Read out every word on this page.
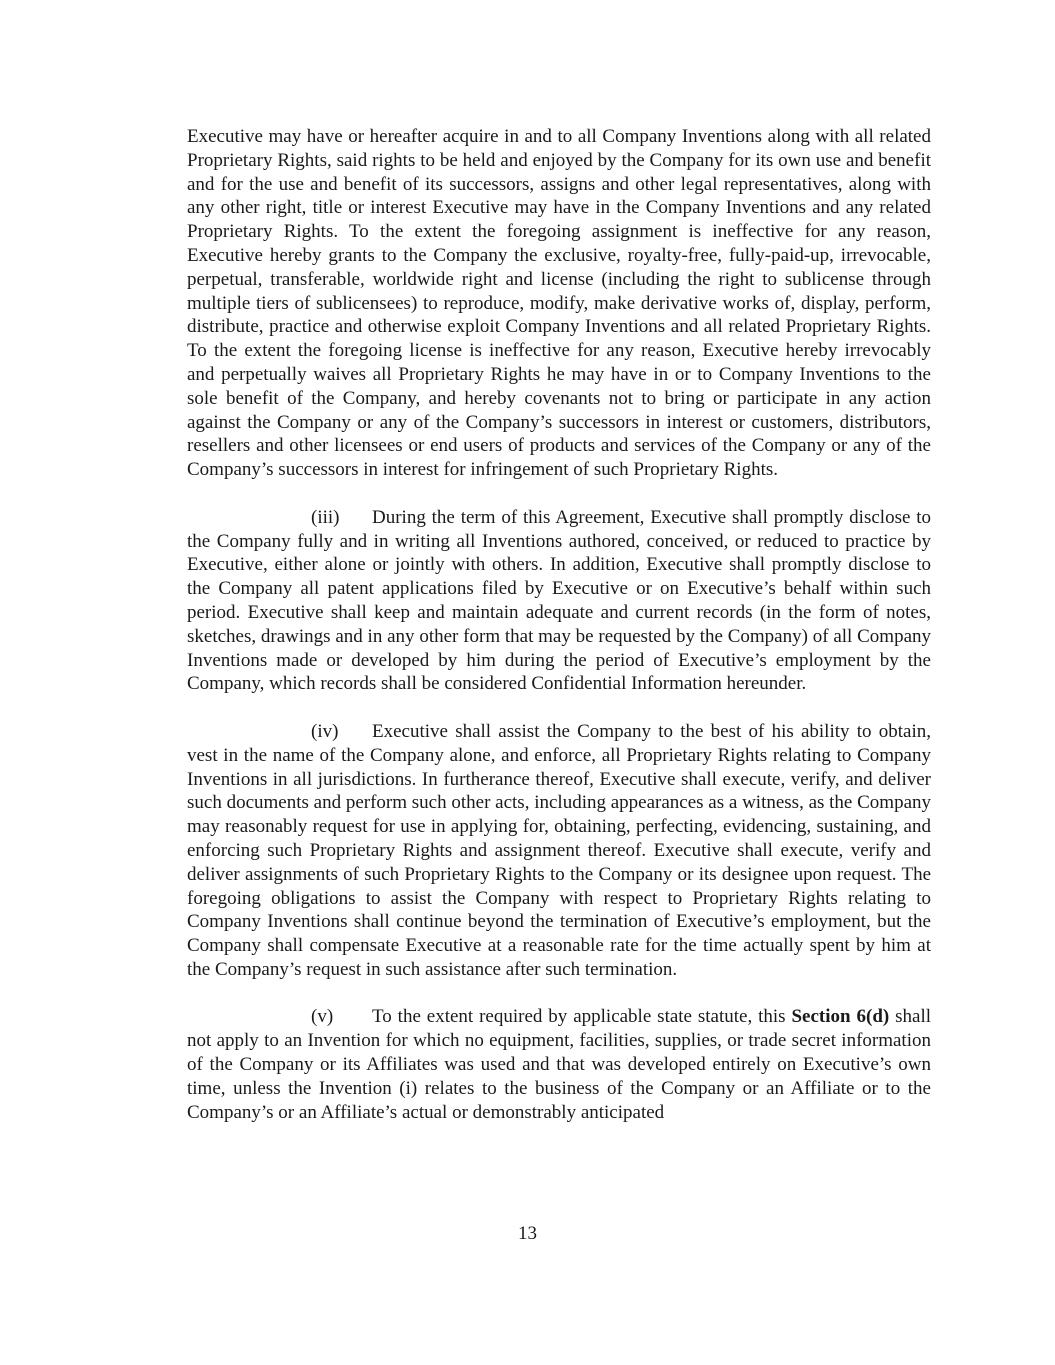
Executive may have or hereafter acquire in and to all Company Inventions along with all related Proprietary Rights, said rights to be held and enjoyed by the Company for its own use and benefit and for the use and benefit of its successors, assigns and other legal representatives, along with any other right, title or interest Executive may have in the Company Inventions and any related Proprietary Rights. To the extent the foregoing assignment is ineffective for any reason, Executive hereby grants to the Company the exclusive, royalty-free, fully-paid-up, irrevocable, perpetual, transferable, worldwide right and license (including the right to sublicense through multiple tiers of sublicensees) to reproduce, modify, make derivative works of, display, perform, distribute, practice and otherwise exploit Company Inventions and all related Proprietary Rights. To the extent the foregoing license is ineffective for any reason, Executive hereby irrevocably and perpetually waives all Proprietary Rights he may have in or to Company Inventions to the sole benefit of the Company, and hereby covenants not to bring or participate in any action against the Company or any of the Company’s successors in interest or customers, distributors, resellers and other licensees or end users of products and services of the Company or any of the Company’s successors in interest for infringement of such Proprietary Rights.

(iii) During the term of this Agreement, Executive shall promptly disclose to the Company fully and in writing all Inventions authored, conceived, or reduced to practice by Executive, either alone or jointly with others. In addition, Executive shall promptly disclose to the Company all patent applications filed by Executive or on Executive’s behalf within such period. Executive shall keep and maintain adequate and current records (in the form of notes, sketches, drawings and in any other form that may be requested by the Company) of all Company Inventions made or developed by him during the period of Executive’s employment by the Company, which records shall be considered Confidential Information hereunder.

(iv) Executive shall assist the Company to the best of his ability to obtain, vest in the name of the Company alone, and enforce, all Proprietary Rights relating to Company Inventions in all jurisdictions. In furtherance thereof, Executive shall execute, verify, and deliver such documents and perform such other acts, including appearances as a witness, as the Company may reasonably request for use in applying for, obtaining, perfecting, evidencing, sustaining, and enforcing such Proprietary Rights and assignment thereof. Executive shall execute, verify and deliver assignments of such Proprietary Rights to the Company or its designee upon request. The foregoing obligations to assist the Company with respect to Proprietary Rights relating to Company Inventions shall continue beyond the termination of Executive’s employment, but the Company shall compensate Executive at a reasonable rate for the time actually spent by him at the Company’s request in such assistance after such termination.

(v) To the extent required by applicable state statute, this Section 6(d) shall not apply to an Invention for which no equipment, facilities, supplies, or trade secret information of the Company or its Affiliates was used and that was developed entirely on Executive’s own time, unless the Invention (i) relates to the business of the Company or an Affiliate or to the Company’s or an Affiliate’s actual or demonstrably anticipated

13
